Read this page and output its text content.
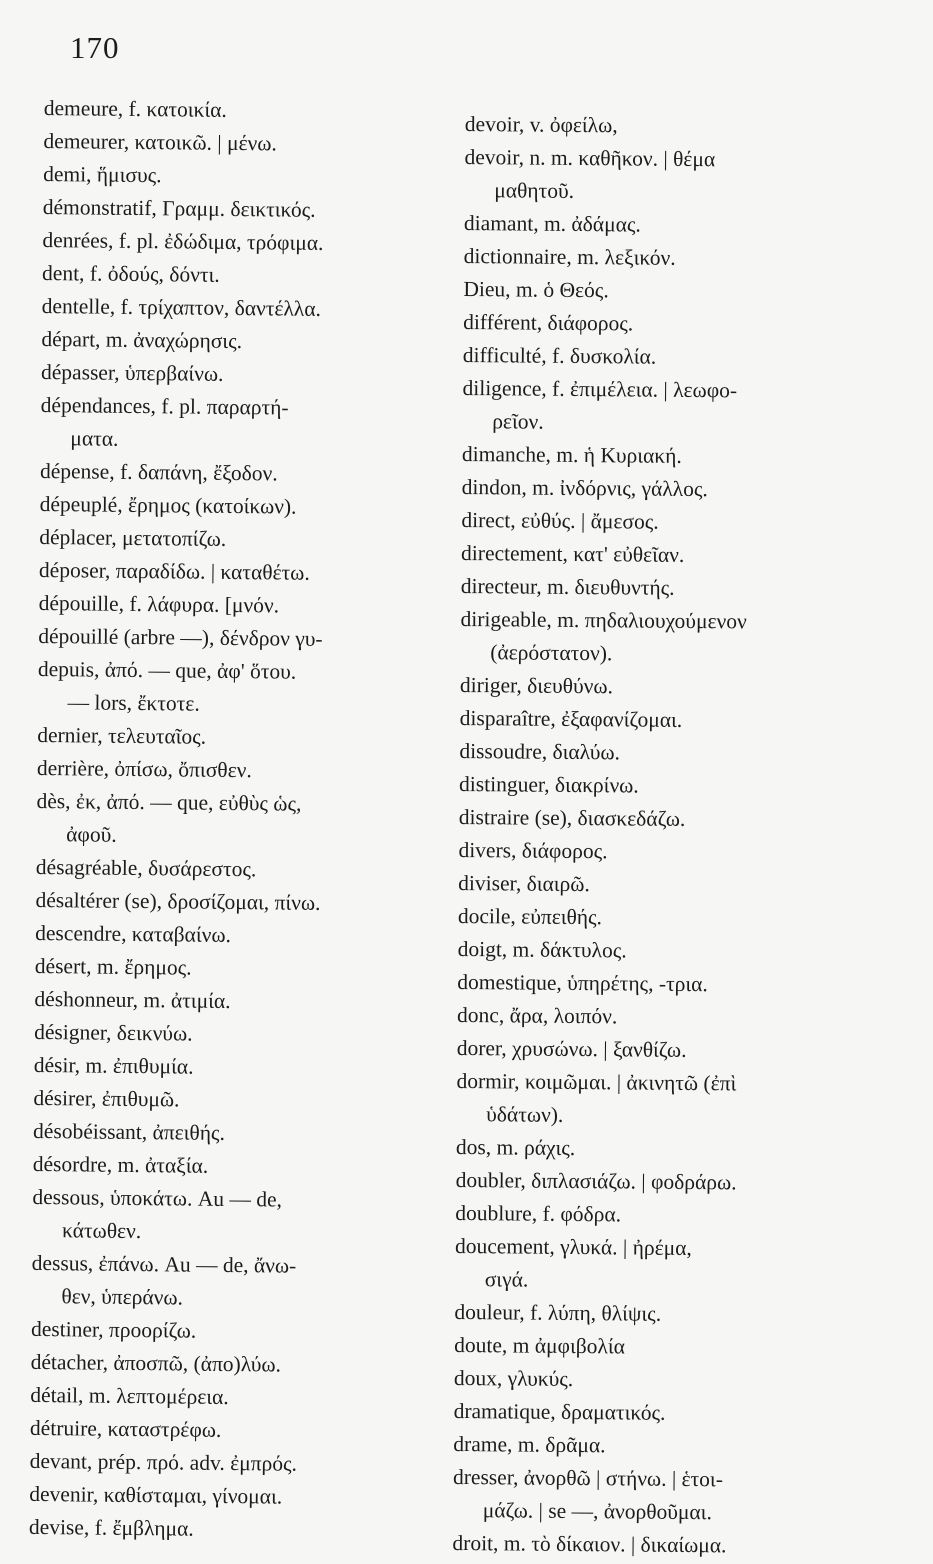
170
demeure, f. κατοικία.
demeurer, κατοικῶ. | μένω.
demi, ἥμισυς.
démonstratif, Γραμμ. δεικτικός.
denrées, f. pl. ἐδώδιμα, τρόφιμα.
dent, f. ὀδούς, δόντι.
dentelle, f. τρίχαπτον, δαντέλλα.
départ, m. ἀναχώρησις.
dépasser, ὑπερβαίνω.
dépendances, f. pl. παραρτή-
ματα.
dépense, f. δαπάνη, ἔξοδον.
dépeuplé, ἔρημος (κατοίκων).
déplacer, μετατοπίζω.
déposer, παραδίδω. | καταθέτω.
dépouille, f. λάφυρα. [μνόν.
dépouillé (arbre —), δένδρον γυ-
depuis, ἀπό. — que, ἀφ' ὅτου.
— lors, ἔκτοτε.
dernier, τελευταῖος.
derrière, ὀπίσω, ὄπισθεν.
dès, ἐκ, ἀπό. — que, εὐθὺς ὡς,
ἀφοῦ.
désagréable, δυσάρεστος.
désaltérer (se), δροσίζομαι, πίνω.
descendre, καταβαίνω.
désert, m. ἔρημος.
déshonneur, m. ἀτιμία.
désigner, δεικνύω.
désir, m. ἐπιθυμία.
désirer, ἐπιθυμῶ.
désobéissant, ἀπειθής.
désordre, m. ἀταξία.
dessous, ὑποκάτω. Au — de,
κάτωθεν.
dessus, ἐπάνω. Au — de, ἄνω-
θεν, ὑπεράνω.
destiner, προορίζω.
détacher, ἀποσπῶ, (ἀπο)λύω.
détail, m. λεπτομέρεια.
détruire, καταστρέφω.
devant, prép. πρό. adv. ἐμπρός.
devenir, καθίσταμαι, γίνομαι.
devise, f. ἔμβλημα.
devoir, v. ὀφείλω,
devoir, n. m. καθῆκον. | θέμα
μαθητοῦ.
diamant, m. ἀδάμας.
dictionnaire, m. λεξικόν.
Dieu, m. ὁ Θεός.
différent, διάφορος.
difficulté, f. δυσκολία.
diligence, f. ἐπιμέλεια. | λεωφο-
ρεῖον.
dimanche, m. ἡ Κυριακή.
dindon, m. ἰνδόρνις, γάλλος.
direct, εὐθύς. | ἄμεσος.
directement, κατ' εὐθεῖαν.
directeur, m. διευθυντής.
dirigeable, m. πηδαλιουχούμενον
(ἀερόστατον).
diriger, διευθύνω.
disparaître, ἐξαφανίζομαι.
dissoudre, διαλύω.
distinguer, διακρίνω.
distraire (se), διασκεδάζω.
divers, διάφορος.
diviser, διαιρῶ.
docile, εὐπειθής.
doigt, m. δάκτυλος.
domestique, ὑπηρέτης, -τρια.
donc, ἄρα, λοιπόν.
dorer, χρυσώνω. | ξανθίζω.
dormir, κοιμῶμαι. | ἀκινητῶ (ἐπὶ
ὑδάτων).
dos, m. ράχις.
doubler, διπλασιάζω. | φοδράρω.
doublure, f. φόδρα.
doucement, γλυκά. | ἠρέμα,
σιγά.
douleur, f. λύπη, θλίψις.
doute, m ἀμφιβολία
doux, γλυκύς.
dramatique, δραματικός.
drame, m. δρᾶμα.
dresser, ἀνορθῶ | στήνω. | ἑτοι-
μάζω. | se —, ἀνορθοῦμαι.
droit, m. τὸ δίκαιον. | δικαίωμα.
